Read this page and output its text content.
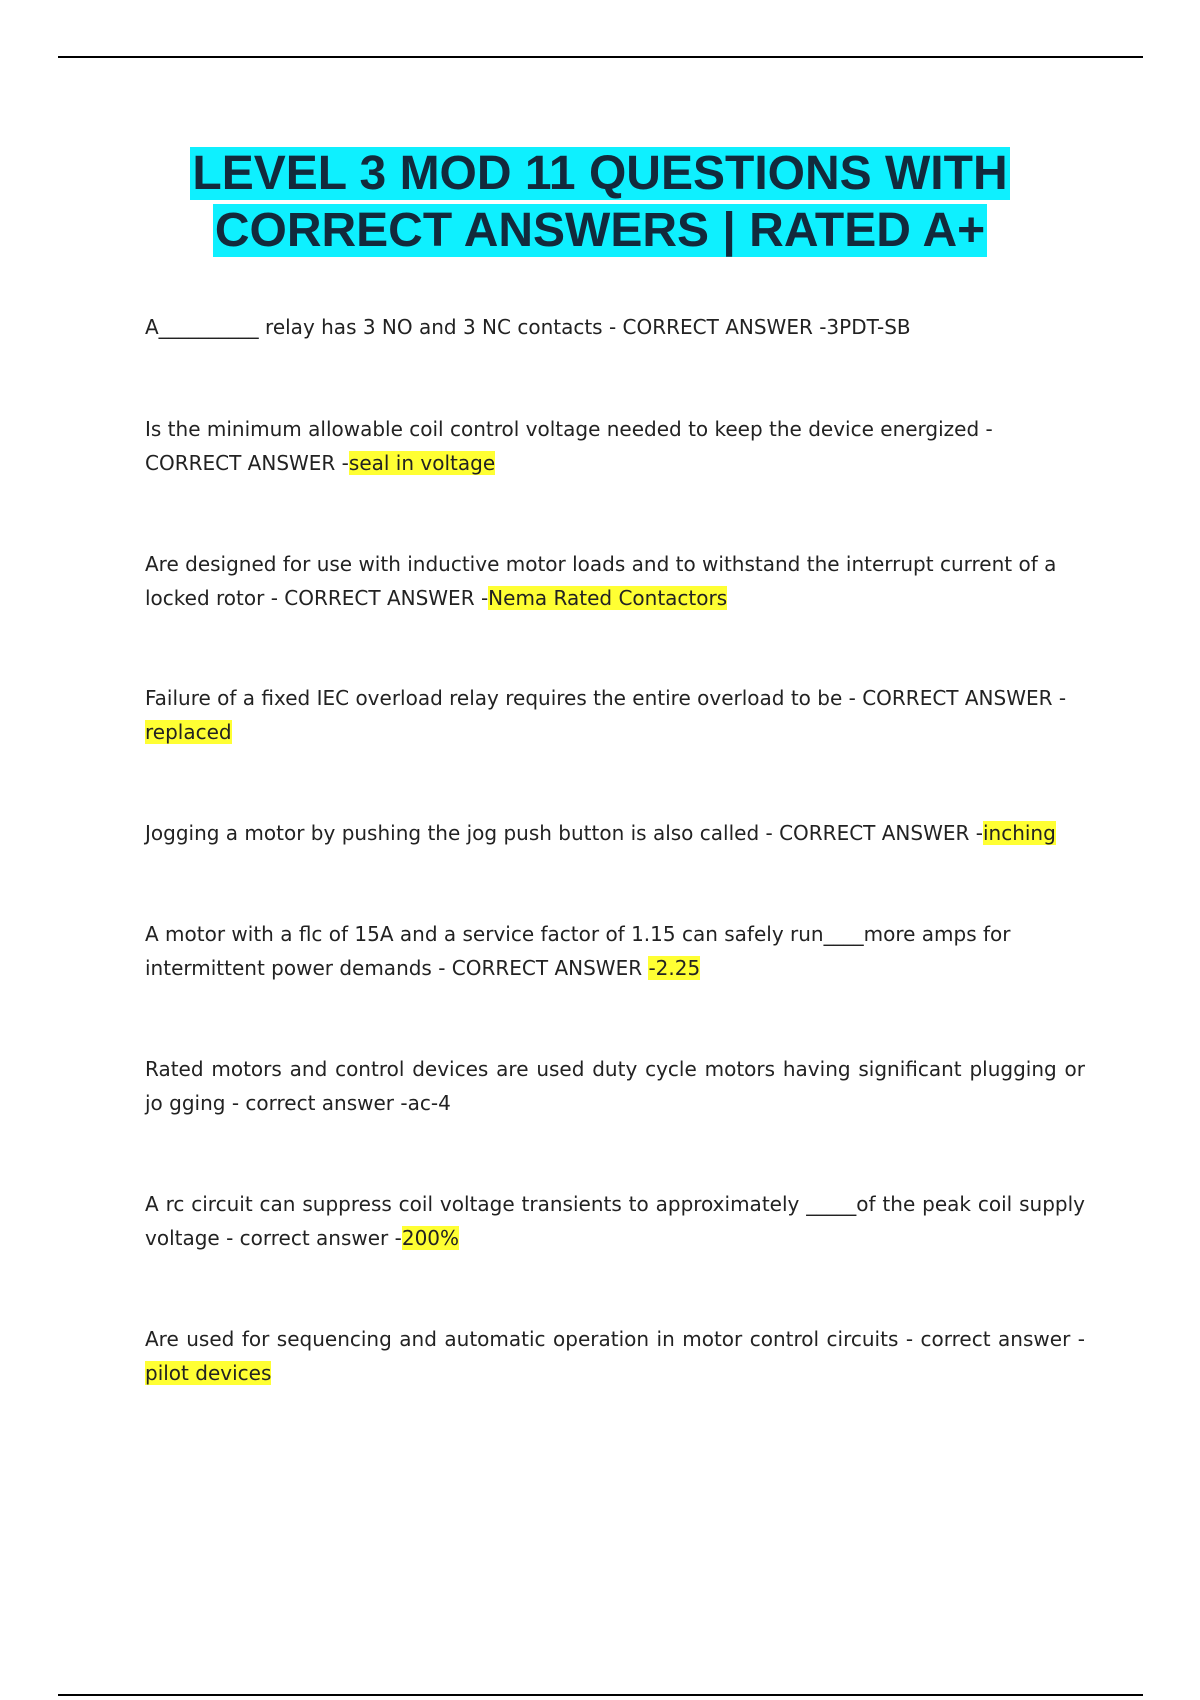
LEVEL 3 MOD 11 QUESTIONS WITH
CORRECT ANSWERS | RATED A+

A__________ relay has 3 NO and 3 NC contacts - CORRECT ANSWER -3PDT-SB

Is the minimum allowable coil control voltage needed to keep the device energized - CORRECT ANSWER -seal in voltage

Are designed for use with inductive motor loads and to withstand the interrupt current of a locked rotor - CORRECT ANSWER -Nema Rated Contactors

Failure of a fixed IEC overload relay requires the entire overload to be - CORRECT ANSWER -replaced

Jogging a motor by pushing the jog push button is also called - CORRECT ANSWER -inching

A motor with a flc of 15A and a service factor of 1.15 can safely run____more amps for intermittent power demands - CORRECT ANSWER -2.25

Rated motors and control devices are used duty cycle motors having significant plugging or jo gging - correct answer -ac-4

A rc circuit can suppress coil voltage transients to approximately _____of the peak coil supply voltage - correct answer -200%

Are used for sequencing and automatic operation in motor control circuits - correct answer -pilot devices
